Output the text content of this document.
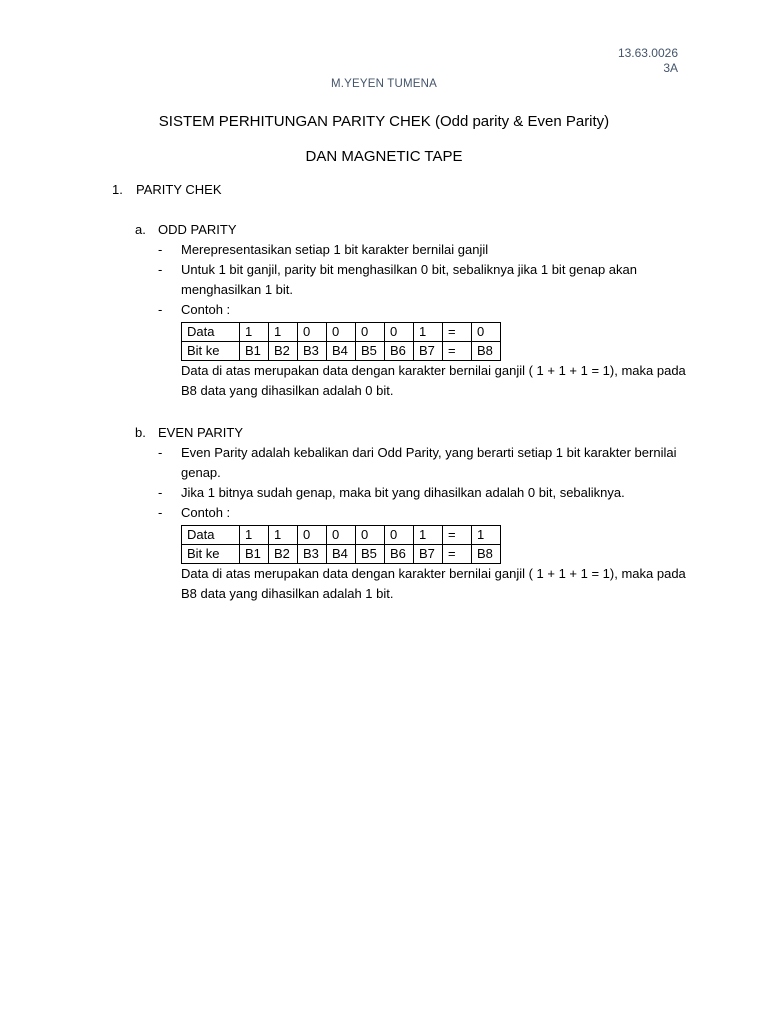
13.63.0026
3A
M.YEYEN TUMENA
SISTEM PERHITUNGAN PARITY CHEK (Odd parity & Even Parity)
DAN MAGNETIC TAPE
1. PARITY CHEK
a. ODD PARITY
- Merepresentasikan setiap 1 bit karakter bernilai ganjil
- Untuk 1 bit ganjil, parity bit menghasilkan 0 bit, sebaliknya jika 1 bit genap akan menghasilkan 1 bit.
- Contoh :
Data	1	1	0	0	0	0	1	=	0
Bit ke	B1	B2	B3	B4	B5	B6	B7	=	B8
Data di atas merupakan data dengan karakter bernilai ganjil ( 1 + 1 + 1 = 1), maka pada B8 data yang dihasilkan adalah 0 bit.
b. EVEN PARITY
- Even Parity adalah kebalikan dari Odd Parity, yang berarti setiap 1 bit karakter bernilai genap.
- Jika 1 bitnya sudah genap, maka bit yang dihasilkan adalah 0 bit, sebaliknya.
- Contoh :
Data	1	1	0	0	0	0	1	=	1
Bit ke	B1	B2	B3	B4	B5	B6	B7	=	B8
Data di atas merupakan data dengan karakter bernilai ganjil ( 1 + 1 + 1 = 1), maka pada B8 data yang dihasilkan adalah 1 bit.
